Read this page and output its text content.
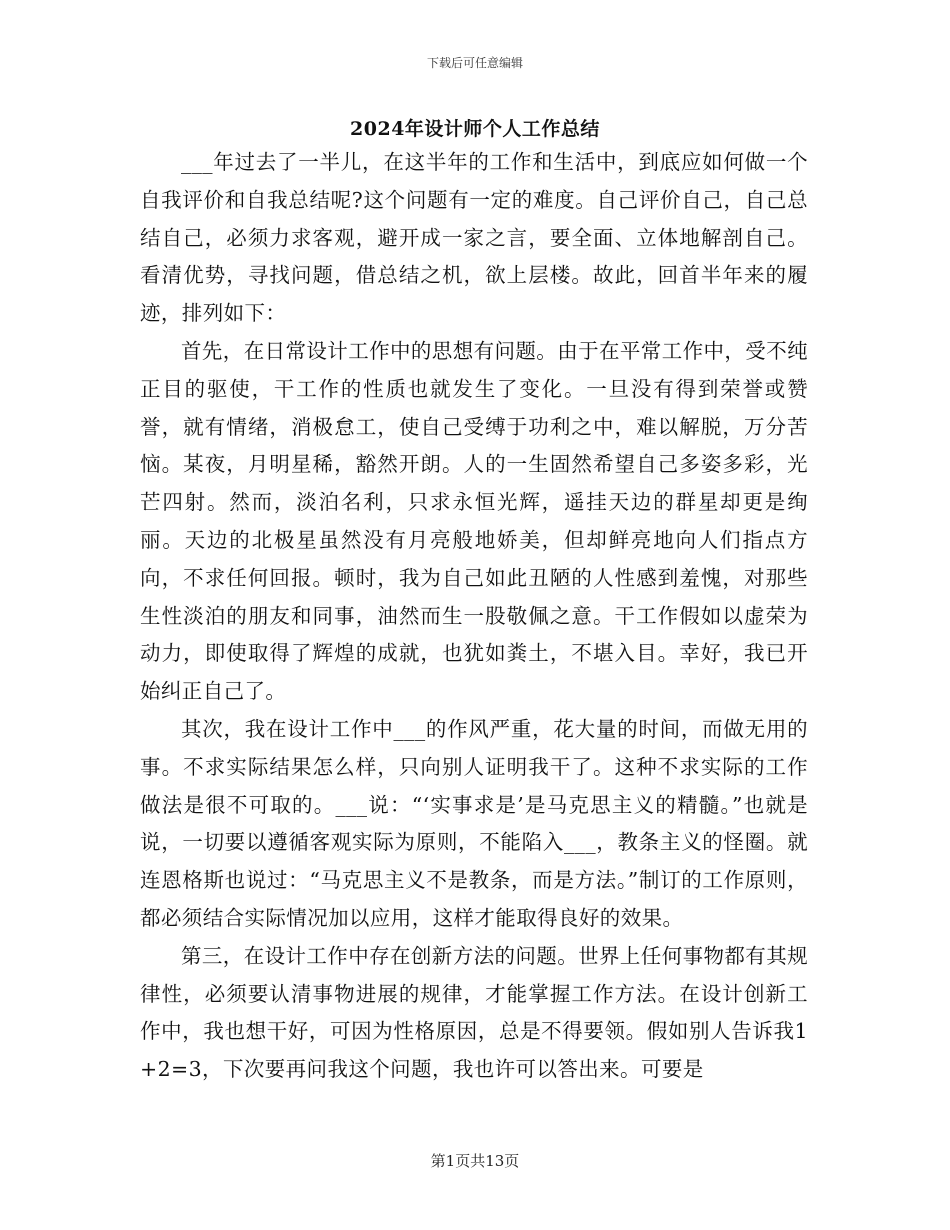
下载后可任意编辑
2024年设计师个人工作总结

___年过去了一半儿，在这半年的工作和生活中，到底应如何做一个自我评价和自我总结呢?这个问题有一定的难度。自己评价自己，自己总结自己，必须力求客观，避开成一家之言，要全面、立体地解剖自己。看清优势，寻找问题，借总结之机，欲上层楼。故此，回首半年来的履迹，排列如下：

首先，在日常设计工作中的思想有问题。由于在平常工作中，受不纯正目的驱使，干工作的性质也就发生了变化。一旦没有得到荣誉或赞誉，就有情绪，消极怠工，使自己受缚于功利之中，难以解脱，万分苦恼。某夜，月明星稀，豁然开朗。人的一生固然希望自己多姿多彩，光芒四射。然而，淡泊名利，只求永恒光辉，遥挂天边的群星却更是绚丽。天边的北极星虽然没有月亮般地娇美，但却鲜亮地向人们指点方向，不求任何回报。顿时，我为自己如此丑陋的人性感到羞愧，对那些生性淡泊的朋友和同事，油然而生一股敬佩之意。干工作假如以虚荣为动力，即使取得了辉煌的成就，也犹如粪土，不堪入目。幸好，我已开始纠正自己了。

其次，我在设计工作中___的作风严重，花大量的时间，而做无用的事。不求实际结果怎么样，只向别人证明我干了。这种不求实际的工作做法是很不可取的。___说：“‘实事求是’是马克思主义的精髓。”也就是说，一切要以遵循客观实际为原则，不能陷入___，教条主义的怪圈。就连恩格斯也说过：“马克思主义不是教条，而是方法。”制订的工作原则，都必须结合实际情况加以应用，这样才能取得良好的效果。

第三，在设计工作中存在创新方法的问题。世界上任何事物都有其规律性，必须要认清事物进展的规律，才能掌握工作方法。在设计创新工作中，我也想干好，可因为性格原因，总是不得要领。假如别人告诉我1+2=3，下次要再问我这个问题，我也许可以答出来。可要是

第1页共13页
